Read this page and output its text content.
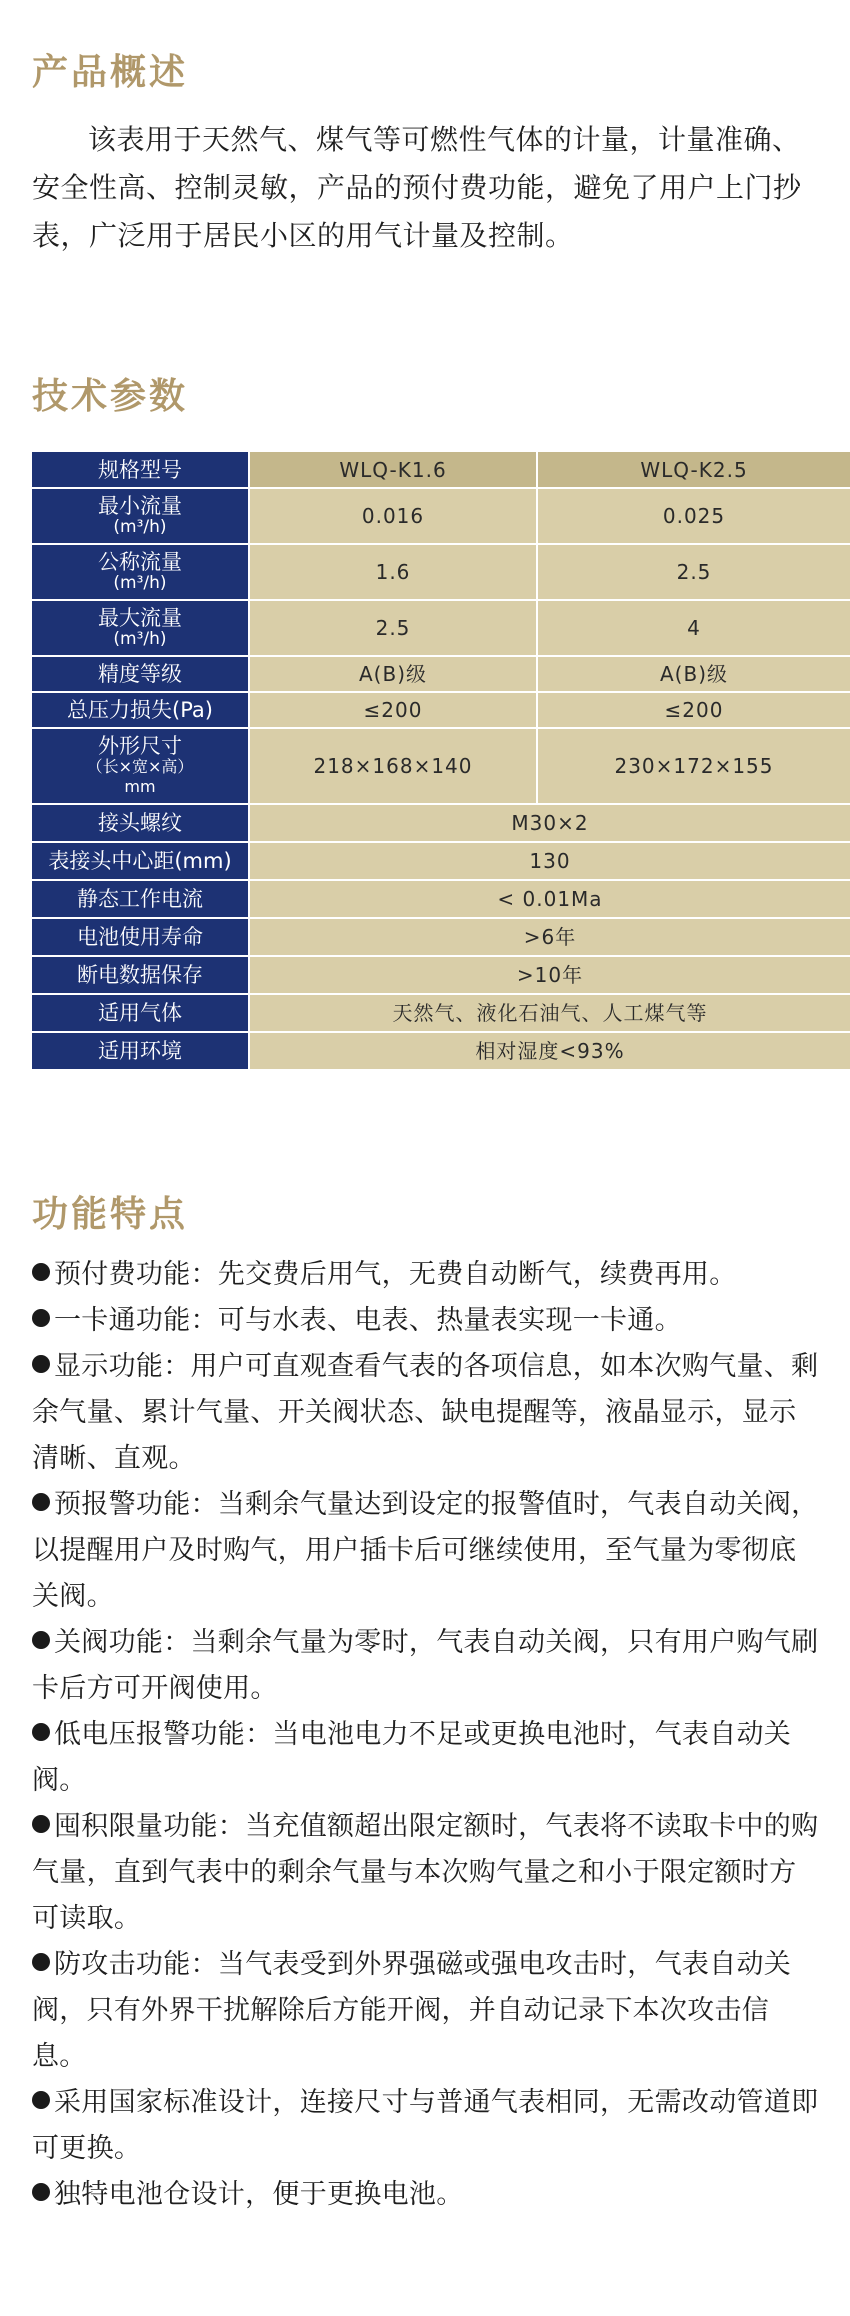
产品概述

该表用于天然气、煤气等可燃性气体的计量，计量准确、安全性高、控制灵敏，产品的预付费功能，避免了用户上门抄表，广泛用于居民小区的用气计量及控制。

技术参数
规格型号	WLQ-K1.6	WLQ-K2.5
最小流量
(m³/h)	0.016	0.025
公称流量
(m³/h)	1.6	2.5
最大流量
(m³/h)	2.5	4
精度等级	A(B)级	A(B)级
总压力损失(Pa)	≤200	≤200
外形尺寸
（长×宽×高）
mm	218×168×140	230×172×155
接头螺纹	M30×2	
表接头中心距(mm)	130	
静态工作电流	< 0.01Ma	
电池使用寿命	>6年	
断电数据保存	>10年	
适用气体	天然气、液化石油气、人工煤气等	
适用环境	相对湿度<93%	
功能特点
预付费功能：先交费后用气，无费自动断气，续费再用。
一卡通功能：可与水表、电表、热量表实现一卡通。
显示功能：用户可直观查看气表的各项信息，如本次购气量、剩余气量、累计气量、开关阀状态、缺电提醒等，液晶显示，显示清晰、直观。
预报警功能：当剩余气量达到设定的报警值时，气表自动关阀，以提醒用户及时购气，用户插卡后可继续使用，至气量为零彻底关阀。
关阀功能：当剩余气量为零时，气表自动关阀，只有用户购气刷卡后方可开阀使用。
低电压报警功能：当电池电力不足或更换电池时，气表自动关阀。
囤积限量功能：当充值额超出限定额时，气表将不读取卡中的购气量，直到气表中的剩余气量与本次购气量之和小于限定额时方可读取。
防攻击功能：当气表受到外界强磁或强电攻击时，气表自动关阀，只有外界干扰解除后方能开阀，并自动记录下本次攻击信息。
采用国家标准设计，连接尺寸与普通气表相同，无需改动管道即可更换。
独特电池仓设计，便于更换电池。
